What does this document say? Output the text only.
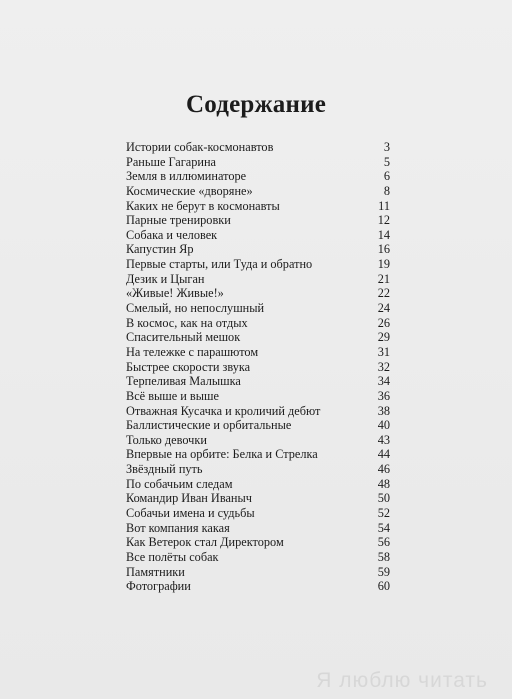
Содержание
Истории собак-космонавтов	3
Раньше Гагарина	5
Земля в иллюминаторе	6
Космические «дворяне»	8
Каких не берут в космонавты	11
Парные тренировки	12
Собака и человек	14
Капустин Яр	16
Первые старты, или Туда и обратно	19
Дезик и Цыган	21
«Живые! Живые!»	22
Смелый, но непослушный	24
В космос, как на отдых	26
Спасительный мешок	29
На тележке с парашютом	31
Быстрее скорости звука	32
Терпеливая Малышка	34
Всё выше и выше	36
Отважная Кусачка и кроличий дебют	38
Баллистические и орбитальные	40
Только девочки	43
Впервые на орбите: Белка и Стрелка	44
Звёздный путь	46
По собачьим следам	48
Командир Иван Иваныч	50
Собачьи имена и судьбы	52
Вот компания какая	54
Как Ветерок стал Директором	56
Все полёты собак	58
Памятники	59
Фотографии	60
Я люблю читать
